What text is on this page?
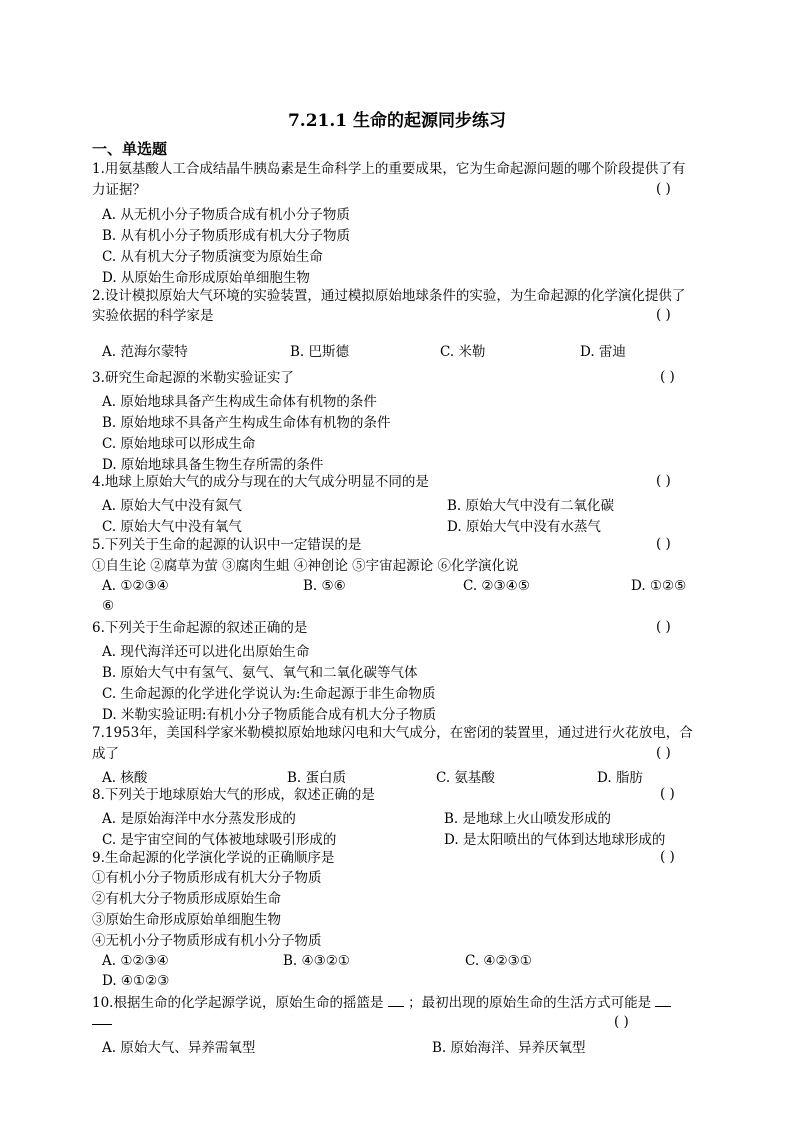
7.21.1 生命的起源同步练习
一、单选题
1.用氨基酸人工合成结晶牛胰岛素是生命科学上的重要成果，它为生命起源问题的哪个阶段提供了有
力证据？	( )
A. 从无机小分子物质合成有机小分子物质
B. 从有机小分子物质形成有机大分子物质
C. 从有机大分子物质演变为原始生命
D. 从原始生命形成原始单细胞生物
2.设计模拟原始大气环境的实验装置，通过模拟原始地球条件的实验，为生命起源的化学演化提供了
实验依据的科学家是	( )
A. 范海尔蒙特	B. 巴斯德	C. 米勒	D. 雷迪
3.研究生命起源的米勒实验证实了	( )
A. 原始地球具备产生构成生命体有机物的条件
B. 原始地球不具备产生构成生命体有机物的条件
C. 原始地球可以形成生命
D. 原始地球具备生物生存所需的条件
4.地球上原始大气的成分与现在的大气成分明显不同的是	( )
A. 原始大气中没有氮气	B. 原始大气中没有二氧化碳
C. 原始大气中没有氧气	D. 原始大气中没有水蒸气
5.下列关于生命的起源的认识中一定错误的是	( )
①自生论 ②腐草为萤 ③腐肉生蛆 ④神创论 ⑤宇宙起源论 ⑥化学演化说
A. ①②③④	B. ⑤⑥	C. ②③④⑤	D. ①②⑤
⑥
6.下列关于生命起源的叙述正确的是	( )
A. 现代海洋还可以进化出原始生命
B. 原始大气中有氢气、氨气、氧气和二氧化碳等气体
C. 生命起源的化学进化学说认为:生命起源于非生命物质
D. 米勒实验证明:有机小分子物质能合成有机大分子物质
7.1953年，美国科学家米勒模拟原始地球闪电和大气成分，在密闭的装置里，通过进行火花放电，合
成了	( )
A. 核酸	B. 蛋白质	C. 氨基酸	D. 脂肪
8.下列关于地球原始大气的形成，叙述正确的是	( )
A. 是原始海洋中水分蒸发形成的	B. 是地球上火山喷发形成的
C. 是宇宙空间的气体被地球吸引形成的	D. 是太阳喷出的气体到达地球形成的
9.生命起源的化学演化学说的正确顺序是	( )
①有机小分子物质形成有机大分子物质
②有机大分子物质形成原始生命
③原始生命形成原始单细胞生物
④无机小分子物质形成有机小分子物质
A. ①②③④	B. ④③②①	C. ④②③①
D. ④①②③
10.根据生命的化学起源学说，原始生命的摇篮是 ；最初出现的原始生命的生活方式可能是
( )
A. 原始大气、异养需氧型	B. 原始海洋、异养厌氧型
